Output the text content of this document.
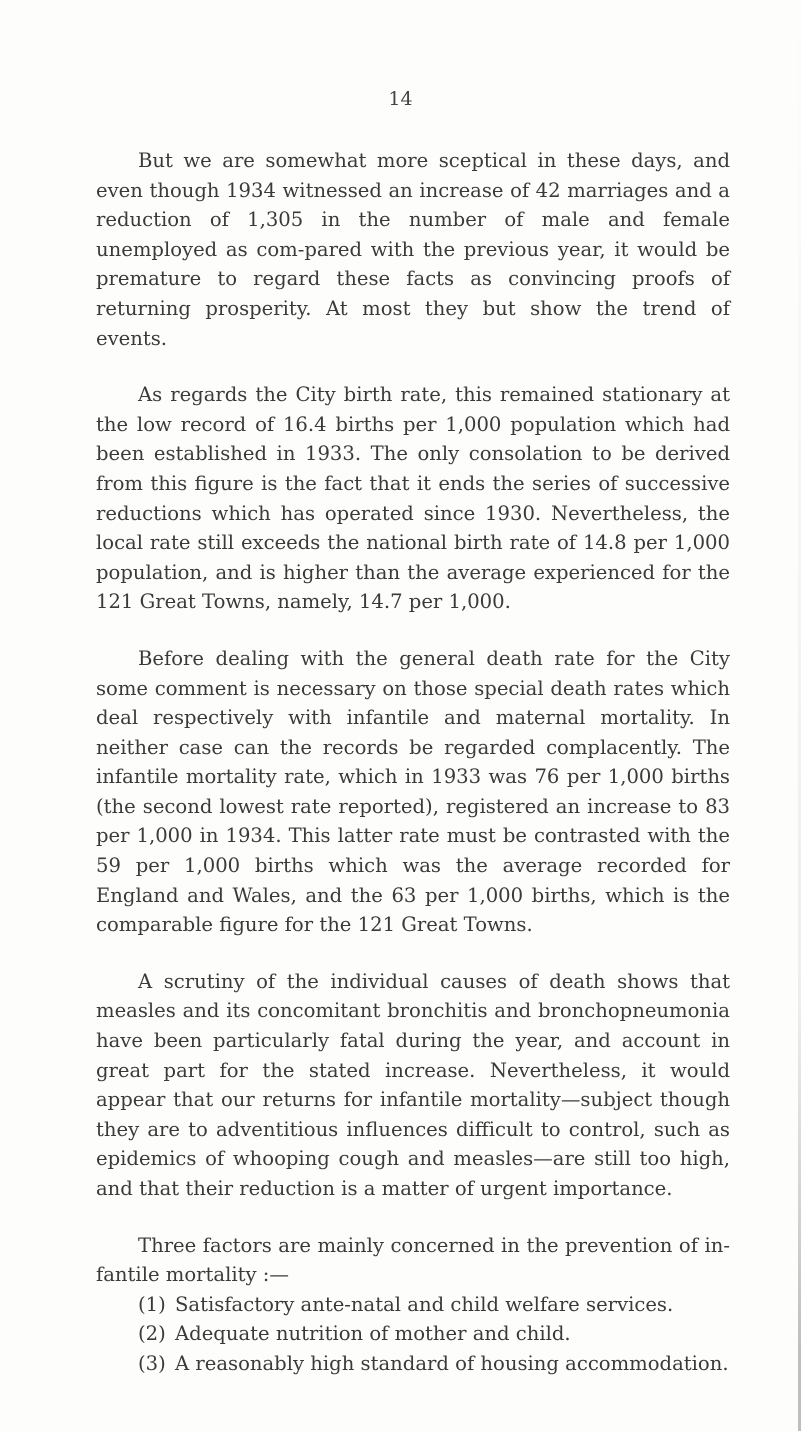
14

But we are somewhat more sceptical in these days, and even though 1934 witnessed an increase of 42 marriages and a reduction of 1,305 in the number of male and female unemployed as com-pared with the previous year, it would be premature to regard these facts as convincing proofs of returning prosperity. At most they but show the trend of events.

As regards the City birth rate, this remained stationary at the low record of 16.4 births per 1,000 population which had been established in 1933. The only consolation to be derived from this figure is the fact that it ends the series of successive reductions which has operated since 1930. Nevertheless, the local rate still exceeds the national birth rate of 14.8 per 1,000 population, and is higher than the average experienced for the 121 Great Towns, namely, 14.7 per 1,000.

Before dealing with the general death rate for the City some comment is necessary on those special death rates which deal respectively with infantile and maternal mortality. In neither case can the records be regarded complacently. The infantile mortality rate, which in 1933 was 76 per 1,000 births (the second lowest rate reported), registered an increase to 83 per 1,000 in 1934. This latter rate must be contrasted with the 59 per 1,000 births which was the average recorded for England and Wales, and the 63 per 1,000 births, which is the comparable figure for the 121 Great Towns.

A scrutiny of the individual causes of death shows that measles and its concomitant bronchitis and bronchopneumonia have been particularly fatal during the year, and account in great part for the stated increase. Nevertheless, it would appear that our returns for infantile mortality—subject though they are to adventitious influences difficult to control, such as epidemics of whooping cough and measles—are still too high, and that their reduction is a matter of urgent importance.

Three factors are mainly concerned in the prevention of in-fantile mortality :—

(1) Satisfactory ante-natal and child welfare services.
(2) Adequate nutrition of mother and child.
(3) A reasonably high standard of housing accommodation.
